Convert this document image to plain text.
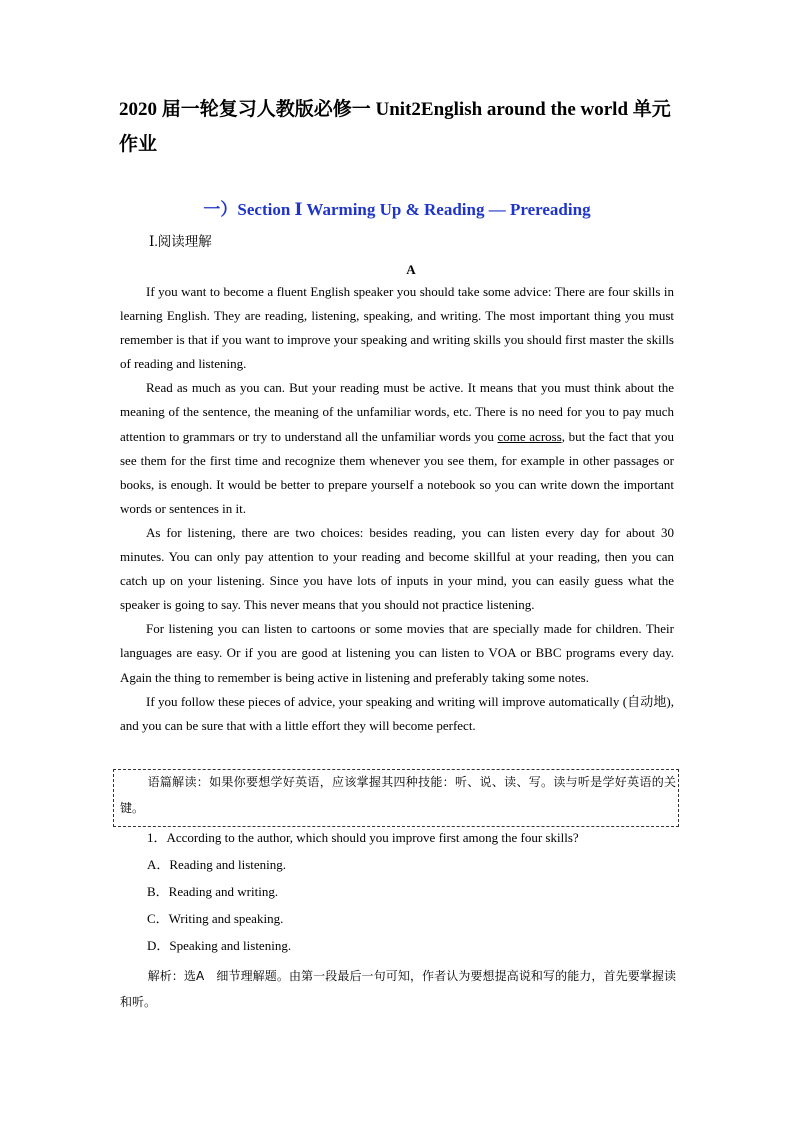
2020 届一轮复习人教版必修一 Unit2English around the world 单元作业
一）Section Ⅰ Warming Up & Reading — Prereading
Ⅰ.阅读理解
A

If you want to become a fluent English speaker you should take some advice: There are four skills in learning English. They are reading, listening, speaking, and writing. The most important thing you must remember is that if you want to improve your speaking and writing skills you should first master the skills of reading and listening.

Read as much as you can. But your reading must be active. It means that you must think about the meaning of the sentence, the meaning of the unfamiliar words, etc. There is no need for you to pay much attention to grammars or try to understand all the unfamiliar words you come across, but the fact that you see them for the first time and recognize them whenever you see them, for example in other passages or books, is enough. It would be better to prepare yourself a notebook so you can write down the important words or sentences in it.

As for listening, there are two choices: besides reading, you can listen every day for about 30 minutes. You can only pay attention to your reading and become skillful at your reading, then you can catch up on your listening. Since you have lots of inputs in your mind, you can easily guess what the speaker is going to say. This never means that you should not practice listening.

For listening you can listen to cartoons or some movies that are specially made for children. Their languages are easy. Or if you are good at listening you can listen to VOA or BBC programs every day. Again the thing to remember is being active in listening and preferably taking some notes.

If you follow these pieces of advice, your speaking and writing will improve automatically (自动地), and you can be sure that with a little effort they will become perfect.

语篇解读：如果你要想学好英语，应该掌握其四种技能：听、说、读、写。读与听是学好英语的关键。
1．According to the author, which should you improve first among the four skills?
A．Reading and listening.
B．Reading and writing.
C．Writing and speaking.
D．Speaking and listening.
解析：选A　细节理解题。由第一段最后一句可知，作者认为要想提高说和写的能力，首先要掌握读和听。
